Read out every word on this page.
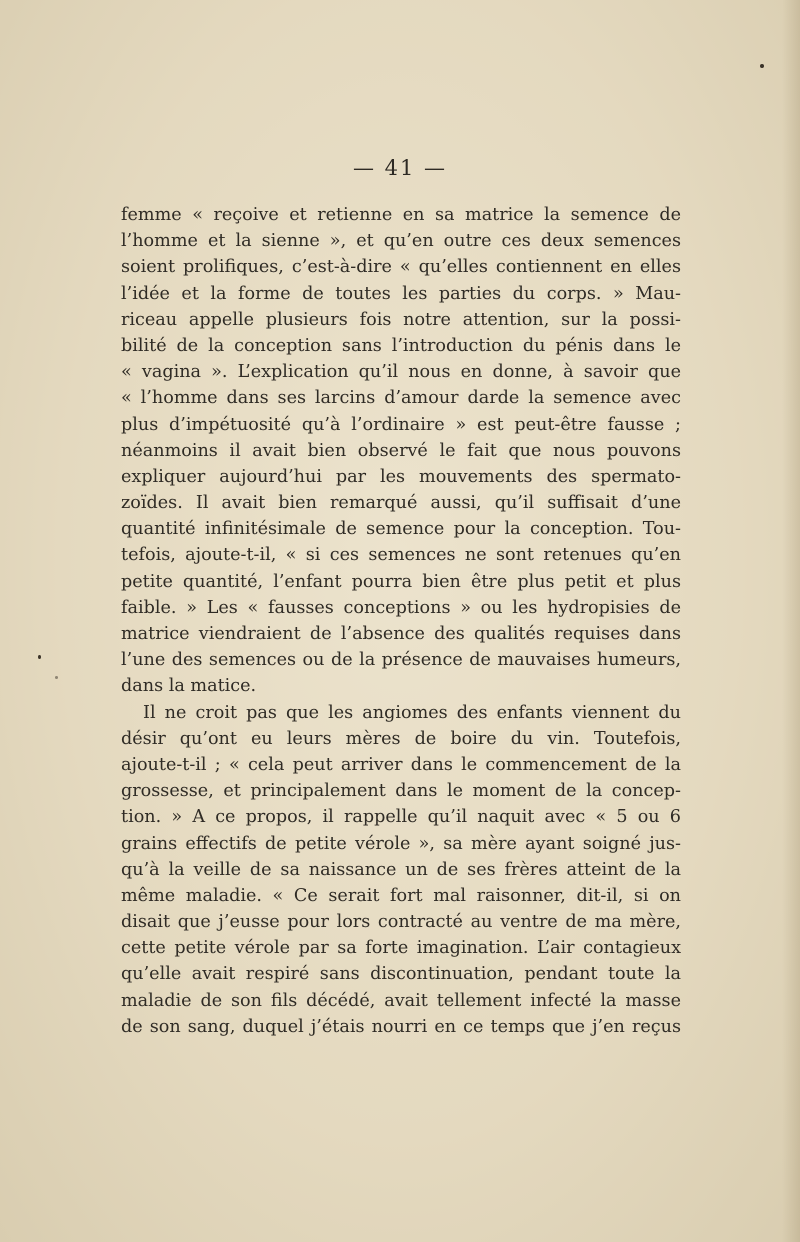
— 41 —
femme « reçoive et retienne en sa matrice la semence de
l’homme et la sienne », et qu’en outre ces deux semences
soient prolifiques, c’est-à-dire « qu’elles contiennent en elles
l’idée et la forme de toutes les parties du corps. » Mau-
riceau appelle plusieurs fois notre attention, sur la possi-
bilité de la conception sans l’introduction du pénis dans le
« vagina ». L’explication qu’il nous en donne, à savoir que
« l’homme dans ses larcins d’amour darde la semence avec
plus d’impétuosité qu’à l’ordinaire » est peut-être fausse ;
néanmoins il avait bien observé le fait que nous pouvons
expliquer aujourd’hui par les mouvements des spermato-
zoïdes. Il avait bien remarqué aussi, qu’il suffisait d’une
quantité infinitésimale de semence pour la conception. Tou-
tefois, ajoute-t-il, « si ces semences ne sont retenues qu’en
petite quantité, l’enfant pourra bien être plus petit et plus
faible. » Les « fausses conceptions » ou les hydropisies de
matrice viendraient de l’absence des qualités requises dans
l’une des semences ou de la présence de mauvaises humeurs,
dans la matice.
Il ne croit pas que les angiomes des enfants viennent du
désir qu’ont eu leurs mères de boire du vin. Toutefois,
ajoute-t-il ; « cela peut arriver dans le commencement de la
grossesse, et principalement dans le moment de la concep-
tion. » A ce propos, il rappelle qu’il naquit avec « 5 ou 6
grains effectifs de petite vérole », sa mère ayant soigné jus-
qu’à la veille de sa naissance un de ses frères atteint de la
même maladie. « Ce serait fort mal raisonner, dit-il, si on
disait que j’eusse pour lors contracté au ventre de ma mère,
cette petite vérole par sa forte imagination. L’air contagieux
qu’elle avait respiré sans discontinuation, pendant toute la
maladie de son fils décédé, avait tellement infecté la masse
de son sang, duquel j’étais nourri en ce temps que j’en reçus
